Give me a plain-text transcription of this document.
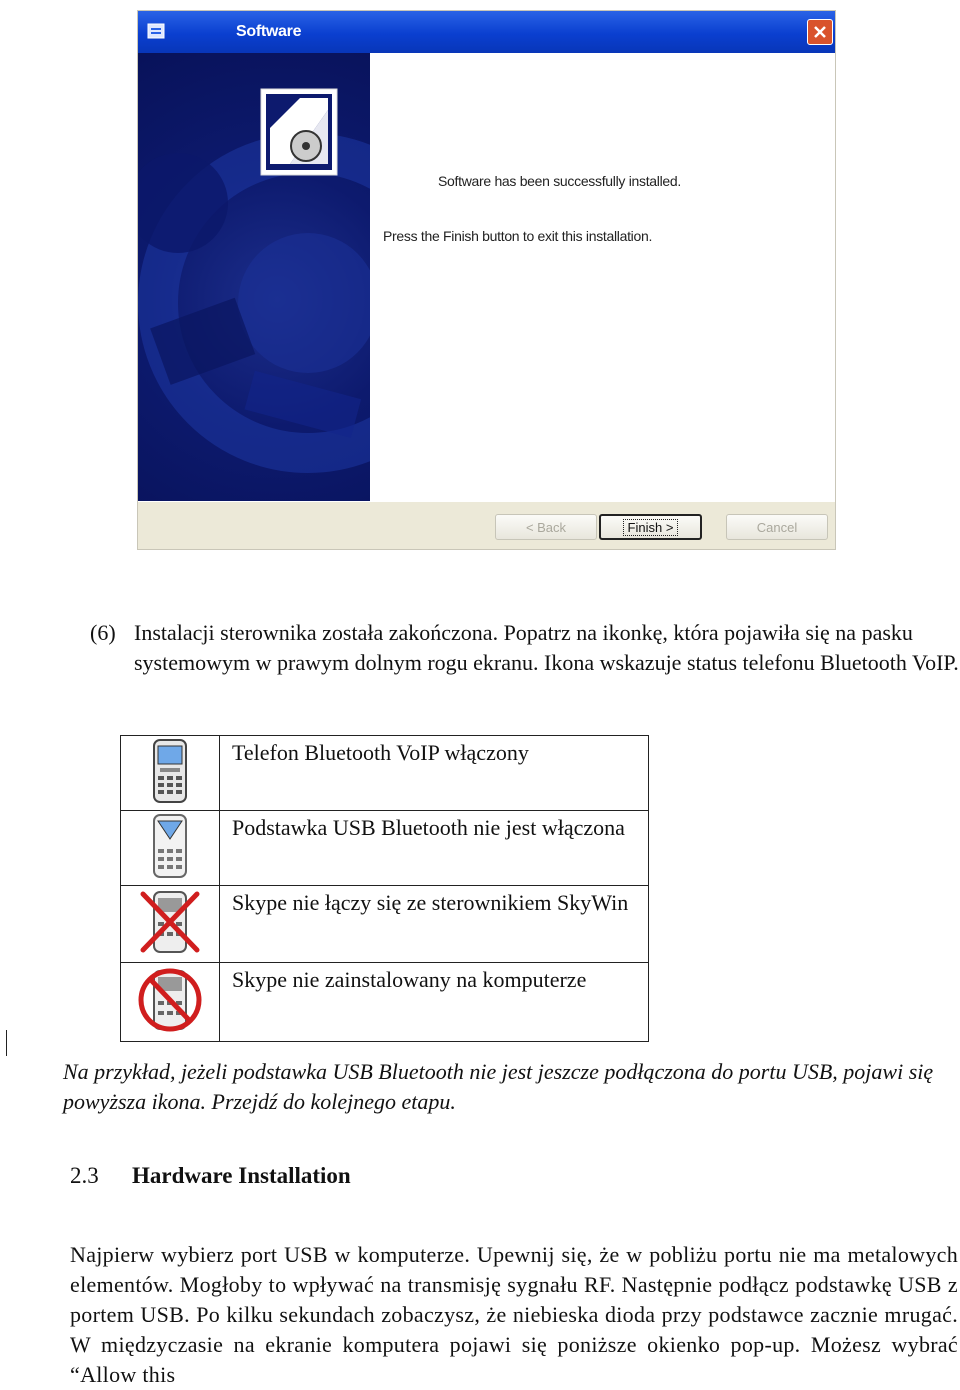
Software
Software has been successfully installed.
Press the Finish button to exit this installation.
< Back	Finish >	Cancel
(6) Instalacji sterownika została zakończona. Popatrz na ikonkę, która pojawiła się na pasku systemowym w prawym dolnym rogu ekranu. Ikona wskazuje status telefonu Bluetooth VoIP.
	Telefon Bluetooth VoIP włączony
	Podstawka USB Bluetooth nie jest włączona
	Skype nie łączy się ze sterownikiem SkyWin
	Skype nie zainstalowany na komputerze
Na przykład, jeżeli podstawka USB Bluetooth nie jest jeszcze podłączona do portu USB, pojawi się powyższa ikona. Przejdź do kolejnego etapu.
2.3 Hardware Installation
Najpierw wybierz port USB w komputerze. Upewnij się, że w pobliżu portu nie ma metalowych elementów. Mogłoby to wpływać na transmisję sygnału RF. Następnie podłącz podstawkę USB z portem USB. Po kilku sekundach zobaczysz, że niebieska dioda przy podstawce zacznie mrugać. W międzyczasie na ekranie komputera pojawi się poniższe okienko pop-up. Możesz wybrać “Allow this
